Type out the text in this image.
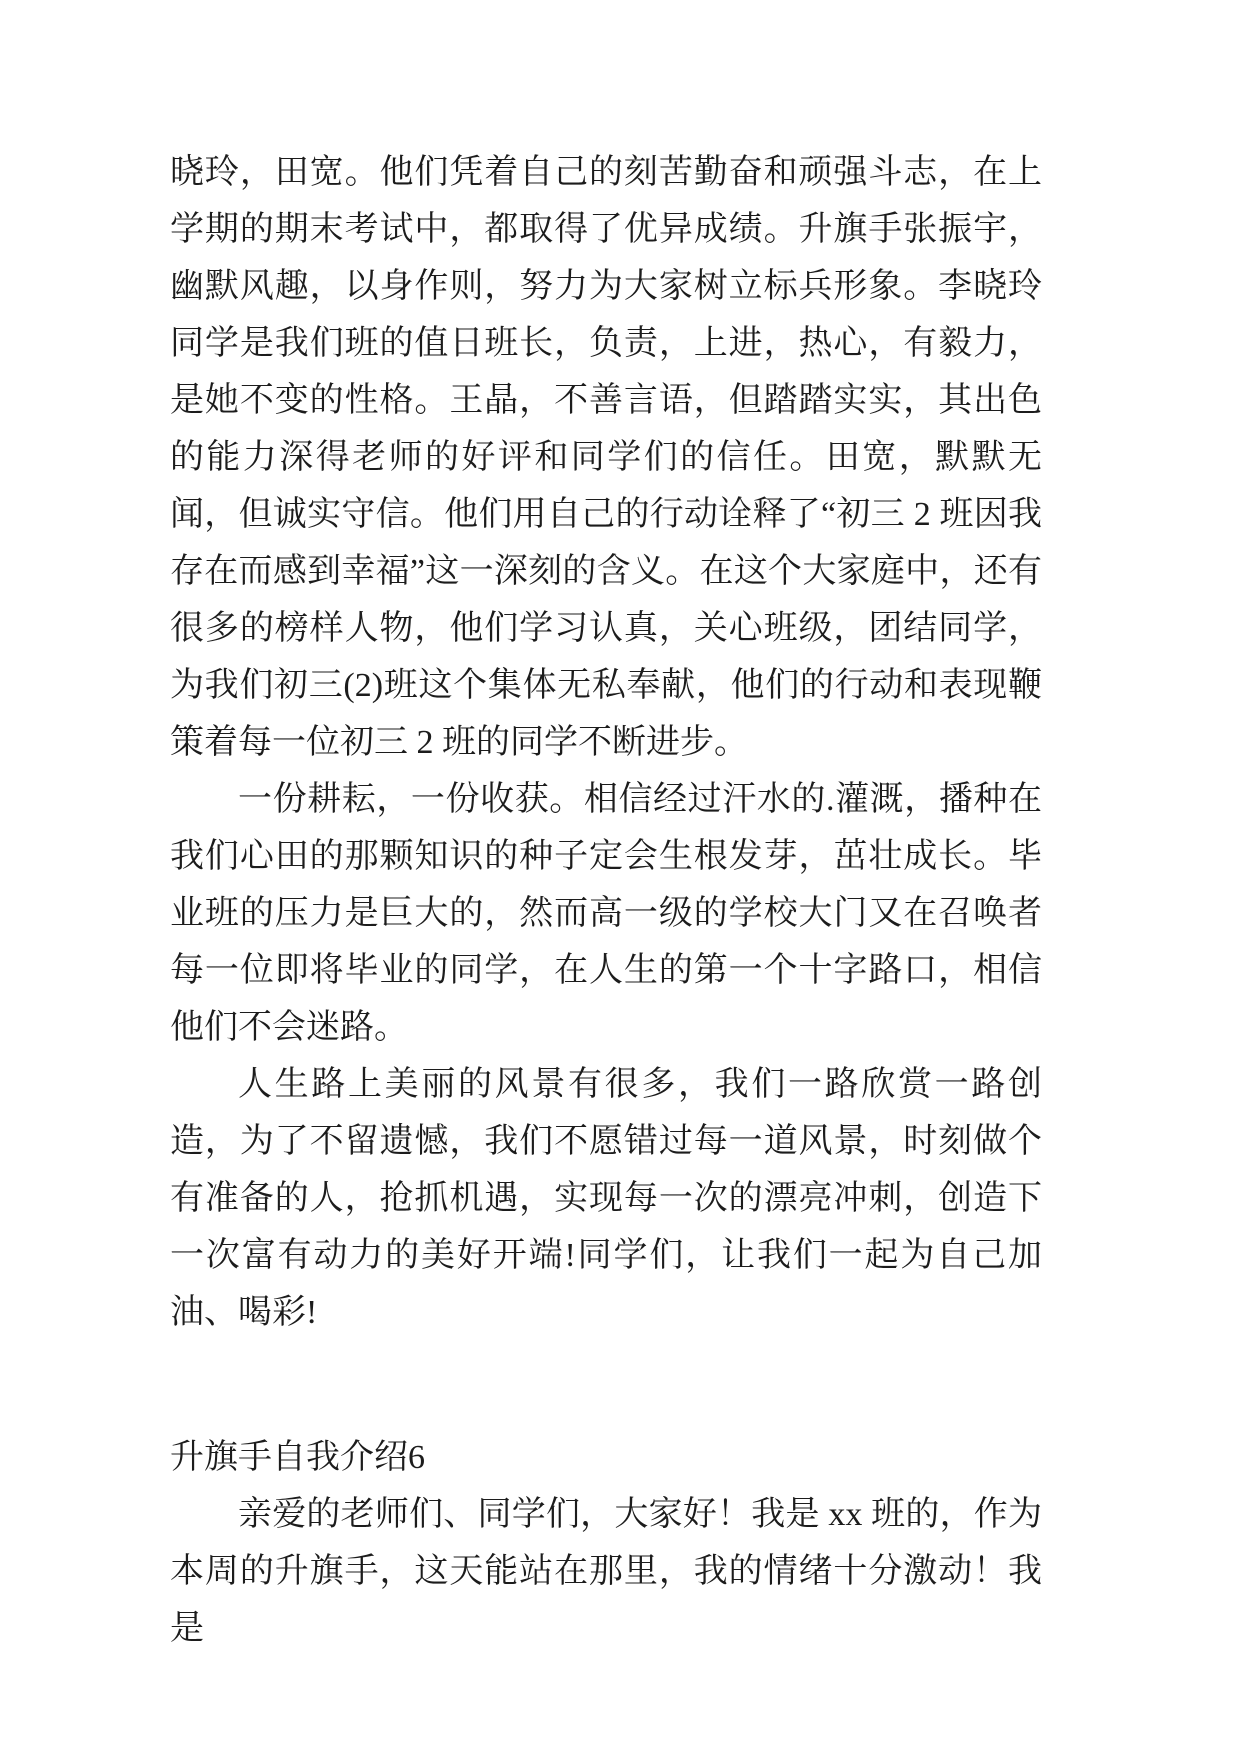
晓玲，田宽。他们凭着自己的刻苦勤奋和顽强斗志，在上学期的期末考试中，都取得了优异成绩。升旗手张振宇，幽默风趣，以身作则，努力为大家树立标兵形象。李晓玲同学是我们班的值日班长，负责，上进，热心，有毅力，是她不变的性格。王晶，不善言语，但踏踏实实，其出色的能力深得老师的好评和同学们的信任。田宽，默默无闻，但诚实守信。他们用自己的行动诠释了“初三 2 班因我存在而感到幸福”这一深刻的含义。在这个大家庭中，还有很多的榜样人物，他们学习认真，关心班级，团结同学，为我们初三(2)班这个集体无私奉献，他们的行动和表现鞭策着每一位初三 2 班的同学不断进步。

一份耕耘，一份收获。相信经过汗水的.灌溉，播种在我们心田的那颗知识的种子定会生根发芽，茁壮成长。毕业班的压力是巨大的，然而高一级的学校大门又在召唤者每一位即将毕业的同学，在人生的第一个十字路口，相信他们不会迷路。

人生路上美丽的风景有很多，我们一路欣赏一路创造，为了不留遗憾，我们不愿错过每一道风景，时刻做个有准备的人，抢抓机遇，实现每一次的漂亮冲刺，创造下一次富有动力的美好开端!同学们，让我们一起为自己加油、喝彩!

升旗手自我介绍6

亲爱的老师们、同学们，大家好！我是 xx 班的，作为本周的升旗手，这天能站在那里，我的情绪十分激动！我是
